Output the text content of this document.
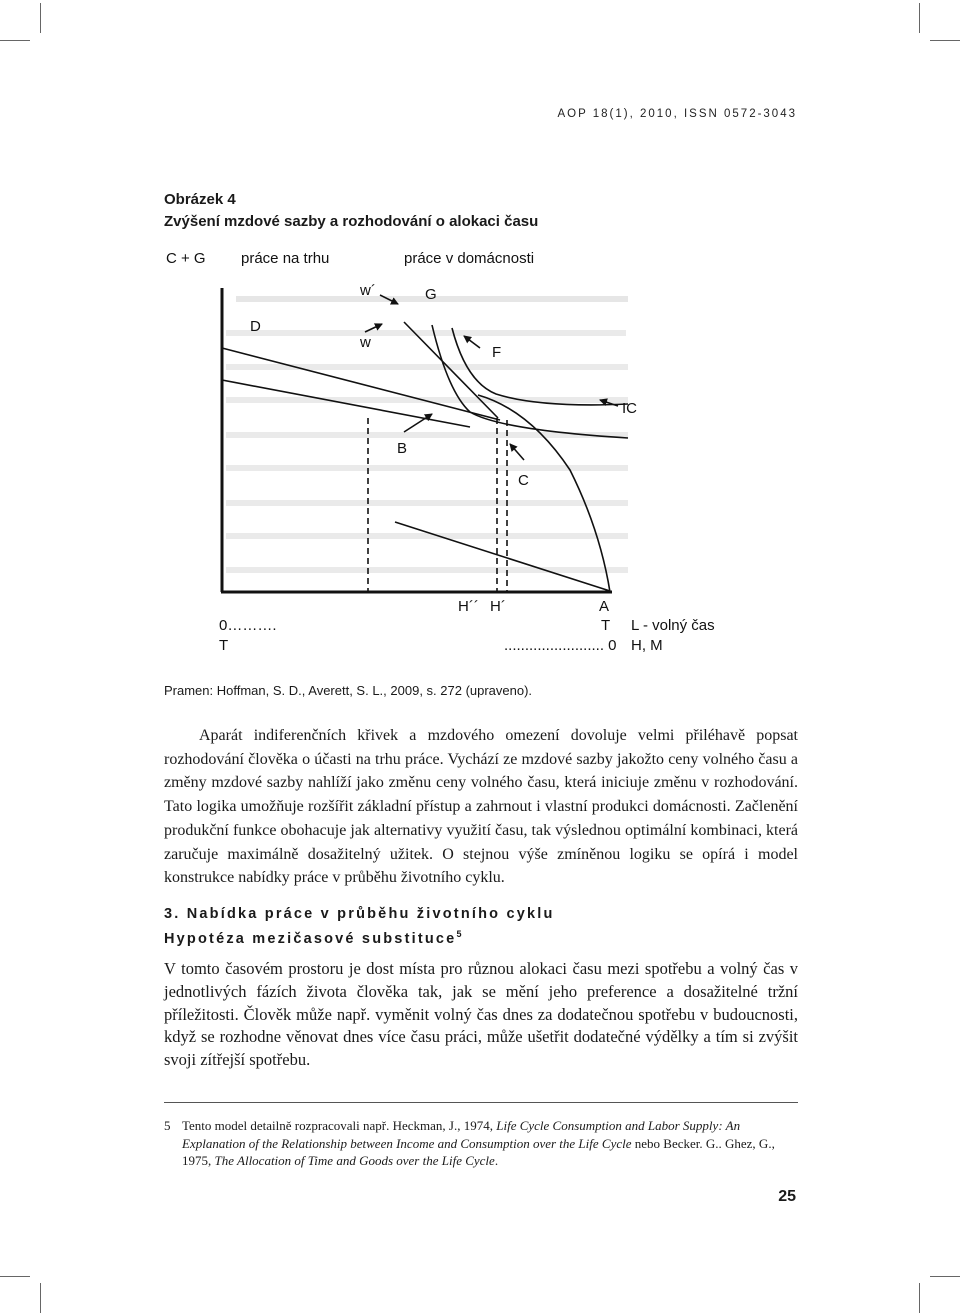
AOP 18(1), 2010, ISSN 0572-3043
Obrázek 4
Zvýšení mzdové sazby a rozhodování o alokaci času
C + G práce na trhu	práce v domácnosti
w´	G
D
w
F
IC
B
C
H´´ H´	A
0……….	T L - volný čas
T	........................ 0 H, M
Pramen: Hoffman, S. D., Averett, S. L., 2009, s. 272 (upraveno).

Aparát indiferenčních křivek a mzdového omezení dovoluje velmi přiléhavě popsat rozhodování člověka o účasti na trhu práce. Vychází ze mzdové sazby jakožto ceny volného času a změny mzdové sazby nahlíží jako změnu ceny volného času, která iniciuje změnu v rozhodování. Tato logika umožňuje rozšířit základní přístup a zahrnout i vlastní produkci domácnosti. Začlenění produkční funkce obohacuje jak alternativy využití času, tak výslednou optimální kombinaci, která zaručuje maximálně dosažitelný užitek. O stejnou výše zmíněnou logiku se opírá i model konstrukce nabídky práce v průběhu životního cyklu.

3. Nabídka práce v průběhu životního cyklu
Hypotéza mezičasové substituce$^5$

V tomto časovém prostoru je dost místa pro různou alokaci času mezi spotřebu a volný čas v jednotlivých fázích života člověka tak, jak se mění jeho preference a dosažitelné tržní příležitosti. Člověk může např. vyměnit volný čas dnes za dodatečnou spotřebu v budoucnosti, když se rozhodne věnovat dnes více času práci, může ušetřit dodatečné výdělky a tím si zvýšit svoji zítřejší spotřebu.

5 Tento model detailně rozpracovali např. Heckman, J., 1974, Life Cycle Consumption and Labor Supply: An Explanation of the Relationship between Income and Consumption over the Life Cycle nebo Becker. G.. Ghez, G., 1975, The Allocation of Time and Goods over the Life Cycle.
25
